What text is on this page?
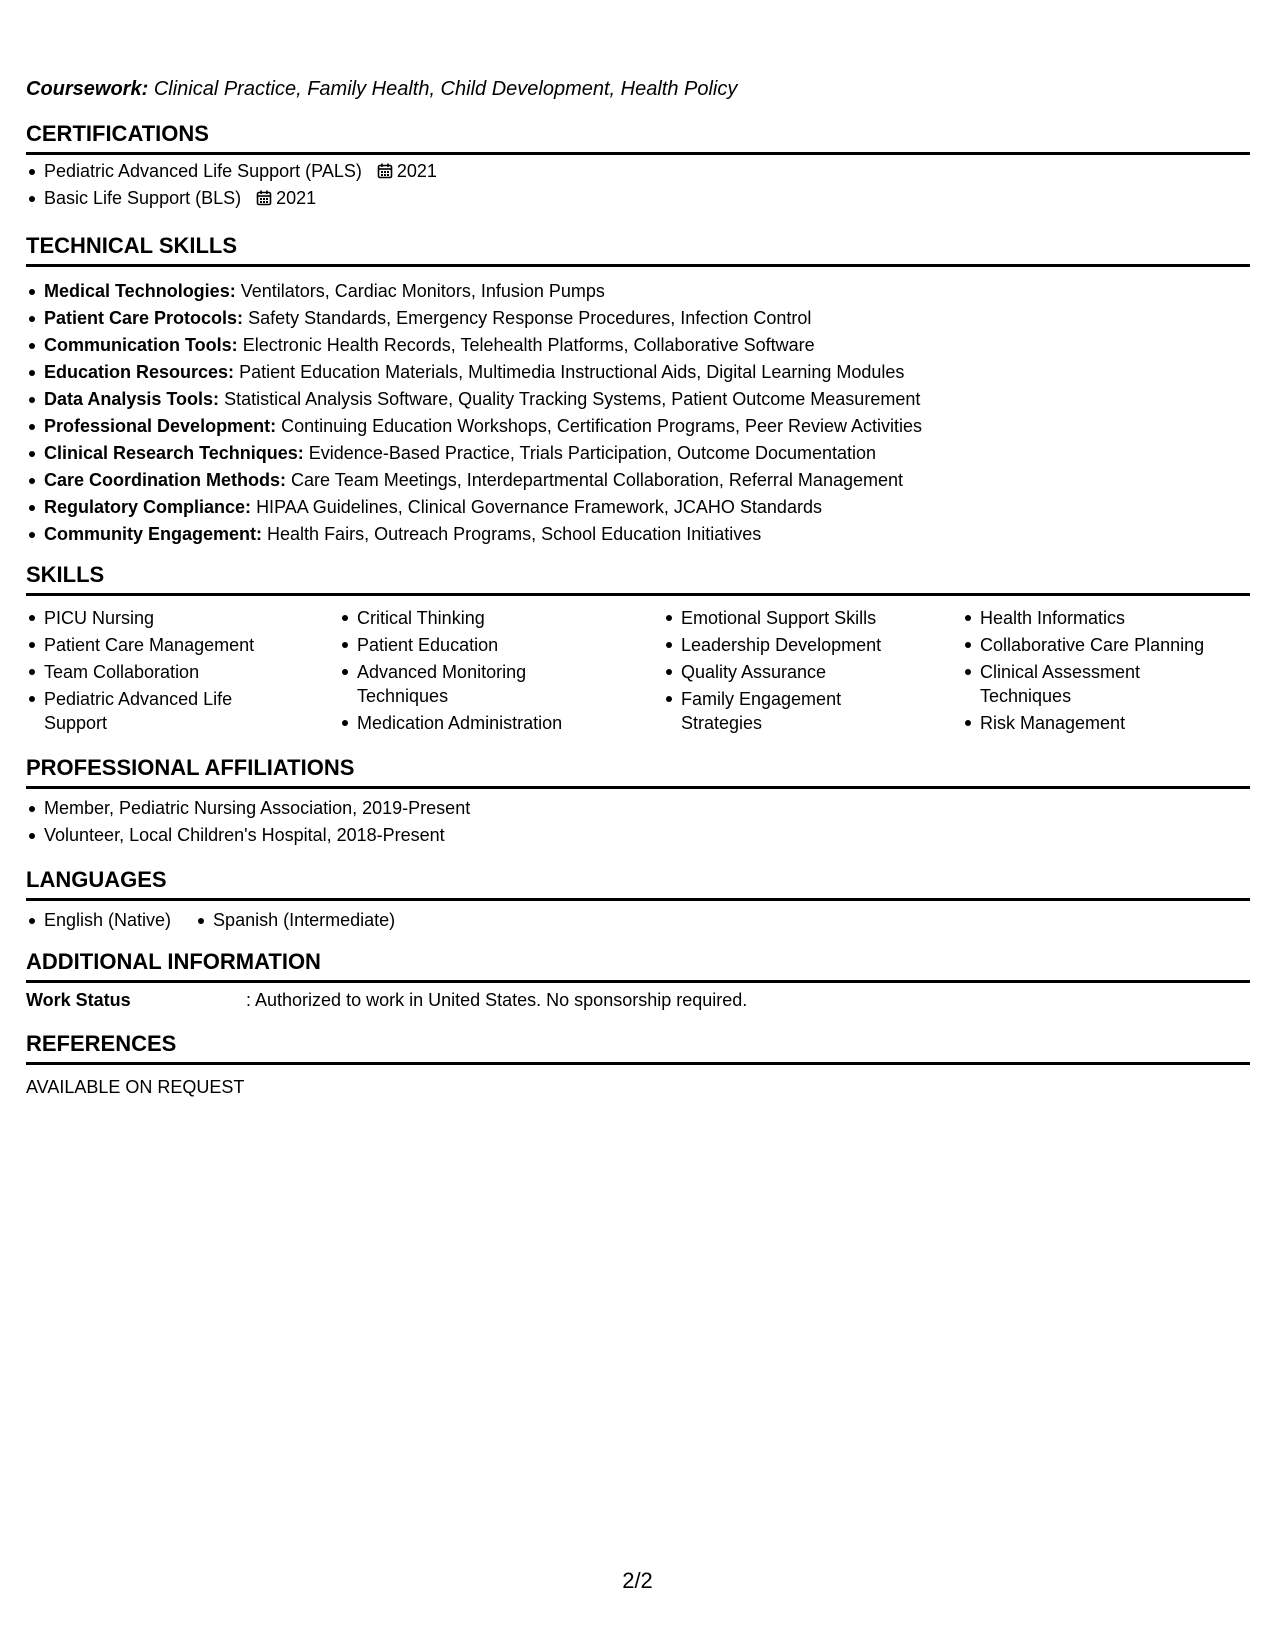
Coursework: Clinical Practice, Family Health, Child Development, Health Policy
CERTIFICATIONS
Pediatric Advanced Life Support (PALS) 2021
Basic Life Support (BLS) 2021
TECHNICAL SKILLS
Medical Technologies: Ventilators, Cardiac Monitors, Infusion Pumps
Patient Care Protocols: Safety Standards, Emergency Response Procedures, Infection Control
Communication Tools: Electronic Health Records, Telehealth Platforms, Collaborative Software
Education Resources: Patient Education Materials, Multimedia Instructional Aids, Digital Learning Modules
Data Analysis Tools: Statistical Analysis Software, Quality Tracking Systems, Patient Outcome Measurement
Professional Development: Continuing Education Workshops, Certification Programs, Peer Review Activities
Clinical Research Techniques: Evidence-Based Practice, Trials Participation, Outcome Documentation
Care Coordination Methods: Care Team Meetings, Interdepartmental Collaboration, Referral Management
Regulatory Compliance: HIPAA Guidelines, Clinical Governance Framework, JCAHO Standards
Community Engagement: Health Fairs, Outreach Programs, School Education Initiatives
SKILLS
PICU Nursing
Patient Care Management
Team Collaboration
Pediatric Advanced Life Support
Critical Thinking
Patient Education
Advanced Monitoring Techniques
Medication Administration
Emotional Support Skills
Leadership Development
Quality Assurance
Family Engagement Strategies
Health Informatics
Collaborative Care Planning
Clinical Assessment Techniques
Risk Management
PROFESSIONAL AFFILIATIONS
Member, Pediatric Nursing Association, 2019-Present
Volunteer, Local Children's Hospital, 2018-Present
LANGUAGES
English (Native)	Spanish (Intermediate)
ADDITIONAL INFORMATION
Work Status	: Authorized to work in United States. No sponsorship required.
REFERENCES
AVAILABLE ON REQUEST
2/2
